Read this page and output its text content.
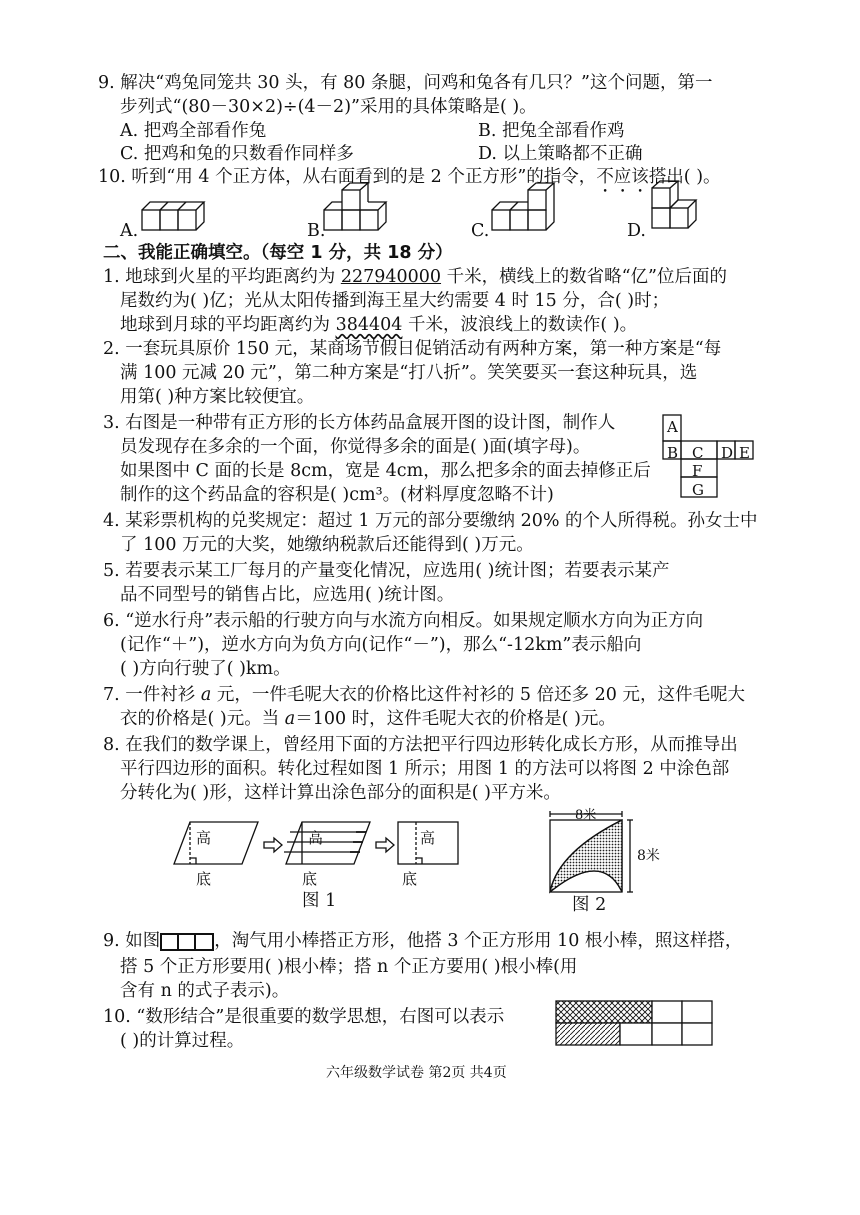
9. 解决“鸡兔同笼共 30 头，有 80 条腿，问鸡和兔各有几只？”这个问题，第一
步列式“(80－30×2)÷(4－2)”采用的具体策略是( )。
A. 把鸡全部看作兔	B. 把兔全部看作鸡
C. 把鸡和兔的只数看作同样多	D. 以上策略都不正确
10. 听到“用 4 个正方体，从右面看到的是 2 个正方形”的指令，不应该搭出( )。
A.	B.	C.	D.
二、我能正确填空。（每空 1 分，共 18 分）
1. 地球到火星的平均距离约为 227940000 千米，横线上的数省略“亿”位后面的
尾数约为( )亿；光从太阳传播到海王星大约需要 4 时 15 分，合( )时；
地球到月球的平均距离约为 384404 千米，波浪线上的数读作( )。
2. 一套玩具原价 150 元，某商场节假日促销活动有两种方案，第一种方案是“每
满 100 元减 20 元”，第二种方案是“打八折”。笑笑要买一套这种玩具，选
用第( )种方案比较便宜。
3. 右图是一种带有正方形的长方体药品盒展开图的设计图，制作人
员发现存在多余的一个面，你觉得多余的面是( )面(填字母)。
如果图中 C 面的长是 8cm，宽是 4cm，那么把多余的面去掉修正后
制作的这个药品盒的容积是( )cm³。(材料厚度忽略不计)
A
B C D E
F
G
4. 某彩票机构的兑奖规定：超过 1 万元的部分要缴纳 20% 的个人所得税。孙女士中
了 100 万元的大奖，她缴纳税款后还能得到( )万元。
5. 若要表示某工厂每月的产量变化情况，应选用( )统计图；若要表示某产
品不同型号的销售占比，应选用( )统计图。
6. “逆水行舟”表示船的行驶方向与水流方向相反。如果规定顺水方向为正方向
(记作“＋”)，逆水方向为负方向(记作“－”)，那么“-12km”表示船向
( )方向行驶了( )km。
7. 一件衬衫 a 元，一件毛呢大衣的价格比这件衬衫的 5 倍还多 20 元，这件毛呢大
衣的价格是( )元。当 a＝100 时，这件毛呢大衣的价格是( )元。
8. 在我们的数学课上，曾经用下面的方法把平行四边形转化成长方形，从而推导出
平行四边形的面积。转化过程如图 1 所示；用图 1 的方法可以将图 2 中涂色部
分转化为( )形，这样计算出涂色部分的面积是( )平方米。
高	高	高
底	底	底
图 1
8米
8米
图 2
9. 如图	，淘气用小棒搭正方形，他搭 3 个正方形用 10 根小棒，照这样搭，
搭 5 个正方形要用( )根小棒；搭 n 个正方要用( )根小棒(用
含有 n 的式子表示)。
10. “数形结合”是很重要的数学思想，右图可以表示
( )的计算过程。
六年级数学试卷 第2页 共4页
